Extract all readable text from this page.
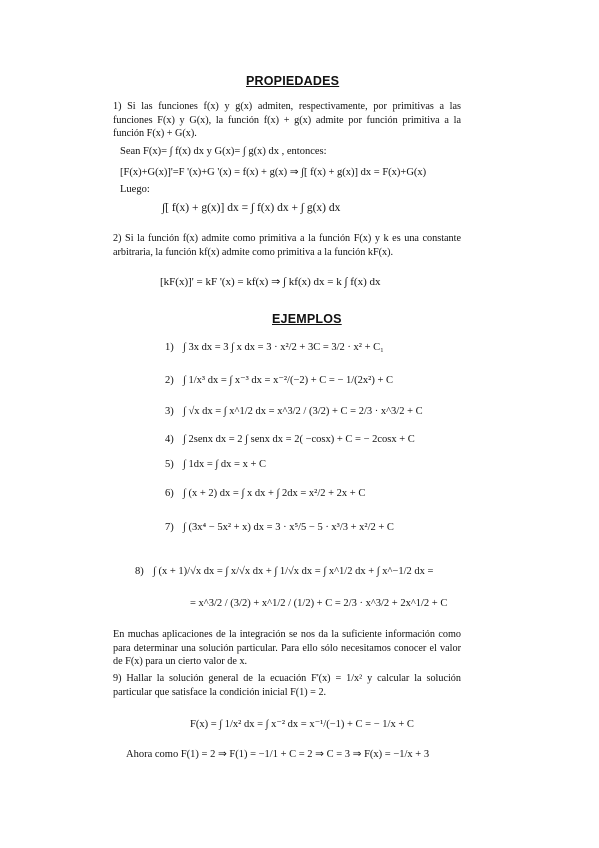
PROPIEDADES
1) Si las funciones f(x) y g(x) admiten, respectivamente, por primitivas a las funciones F(x) y G(x), la función f(x) + g(x) admite por función primitiva a la función F(x) + G(x).
Sean F(x)= ∫ f(x) dx y G(x)= ∫ g(x) dx , entonces:
[F(x)+G(x)]'=F '(x)+G '(x) = f(x) + g(x) ⇒ ∫[ f(x) + g(x)] dx = F(x)+G(x)
Luego:
∫[ f(x) + g(x)] dx = ∫ f(x) dx + ∫ g(x) dx
2) Si la función f(x) admite como primitiva a la función F(x) y k es una constante arbitraria, la función kf(x) admite como primitiva a la función kF(x).
[kF(x)]' = kF '(x) = kf(x) ⇒ ∫ kf(x) dx = k ∫ f(x) dx
EJEMPLOS
1) ∫ 3x dx = 3 ∫ x dx = 3 · x²/2 + 3C = 3/2 · x² + C₁
2) ∫ 1/x³ dx = ∫ x⁻³ dx = x⁻²/(−2) + C = − 1/(2x²) + C
3) ∫ √x dx = ∫ x^1/2 dx = x^3/2 / (3/2) + C = 2/3 · x^3/2 + C
4) ∫ 2senx dx = 2 ∫ senx dx = 2( −cosx) + C = − 2cosx + C
5) ∫ 1dx = ∫ dx = x + C
6) ∫ (x + 2) dx = ∫ x dx + ∫ 2dx = x²/2 + 2x + C
7) ∫ (3x⁴ − 5x² + x) dx = 3 · x⁵/5 − 5 · x³/3 + x²/2 + C
8) ∫ (x + 1)/√x dx = ∫ x/√x dx + ∫ 1/√x dx = ∫ x^1/2 dx + ∫ x^−1/2 dx =
= x^3/2 / (3/2) + x^1/2 / (1/2) + C = 2/3 · x^3/2 + 2x^1/2 + C
En muchas aplicaciones de la integración se nos da la suficiente información como para determinar una solución particular. Para ello sólo necesitamos conocer el valor de F(x) para un cierto valor de x.
9) Hallar la solución general de la ecuación F'(x) = 1/x² y calcular la solución particular que satisface la condición inicial F(1) = 2.
F(x) = ∫ 1/x² dx = ∫ x⁻² dx = x⁻¹/(−1) + C = − 1/x + C
Ahora como F(1) = 2 ⇒ F(1) = −1/1 + C = 2 ⇒ C = 3 ⇒ F(x) = −1/x + 3
